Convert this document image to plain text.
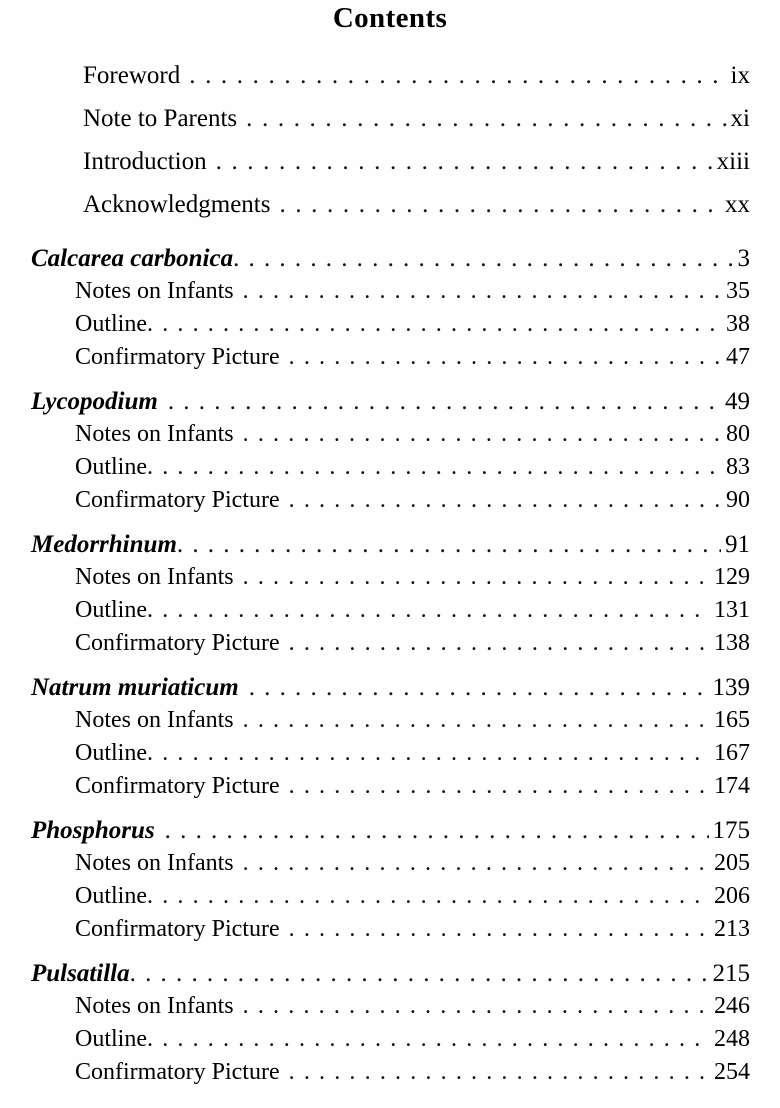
Contents
Foreword .....	ix
Note to Parents .....	xi
Introduction .....	xiii
Acknowledgments .....	xx
Calcarea carbonica .....	3
Notes on Infants .....	35
Outline .....	38
Confirmatory Picture .....	47
Lycopodium .....	49
Notes on Infants .....	80
Outline .....	83
Confirmatory Picture .....	90
Medorrhinum .....	91
Notes on Infants .....	129
Outline .....	131
Confirmatory Picture .....	138
Natrum muriaticum .....	139
Notes on Infants .....	165
Outline .....	167
Confirmatory Picture .....	174
Phosphorus .....	175
Notes on Infants .....	205
Outline .....	206
Confirmatory Picture .....	213
Pulsatilla .....	215
Notes on Infants .....	246
Outline .....	248
Confirmatory Picture .....	254
